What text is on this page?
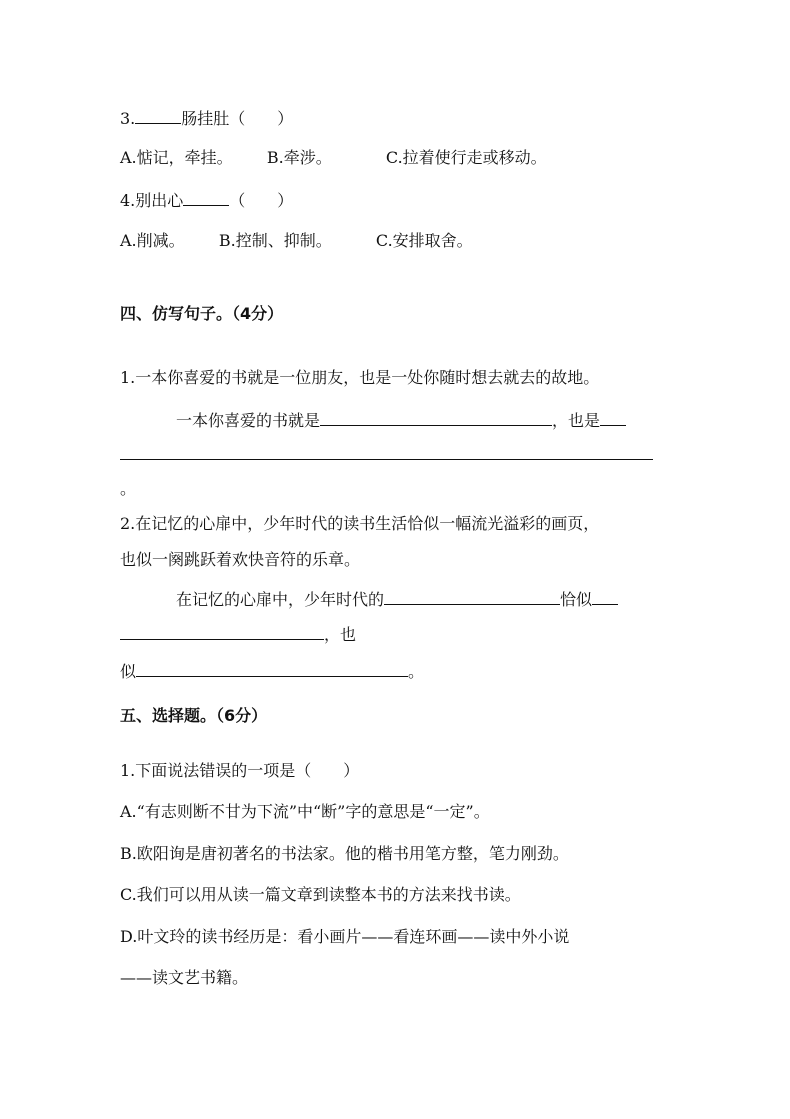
3.	肠挂肚（　　）
A.惦记，牵挂。 B.牵涉。	C.拉着使行走或移动。
4.别出心	（　　）
A.削减。 B.控制、抑制。	C.安排取舍。
四、仿写句子。（4分）
1.一本你喜爱的书就是一位朋友，也是一处你随时想去就去的故地。
一本你喜爱的书就是	，也是
。
2.在记忆的心扉中，少年时代的读书生活恰似一幅流光溢彩的画页，
也似一阕跳跃着欢快音符的乐章。
在记忆的心扉中，少年时代的	恰似
，也
似	。
五、选择题。（6分）
1.下面说法错误的一项是（　　）
A.“有志则断不甘为下流”中“断”字的意思是“一定”。
B.欧阳询是唐初著名的书法家。他的楷书用笔方整，笔力刚劲。
C.我们可以用从读一篇文章到读整本书的方法来找书读。
D.叶文玲的读书经历是：看小画片——看连环画——读中外小说
——读文艺书籍。
